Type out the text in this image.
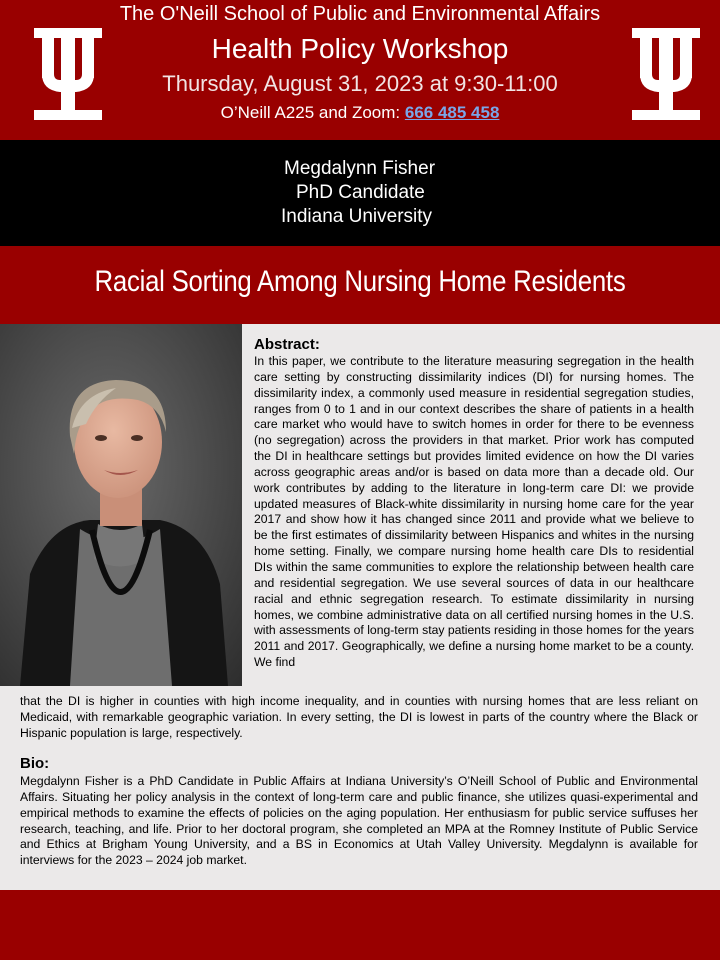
The O'Neill School of Public and Environmental Affairs
Health Policy Workshop
Thursday, August 31, 2023 at 9:30-11:00
O’Neill A225 and Zoom: 666 485 458
Megdalynn Fisher
PhD Candidate
Indiana University
Racial Sorting Among Nursing Home Residents
Abstract:
In this paper, we contribute to the literature measuring segregation in the health care setting by constructing dissimilarity indices (DI) for nursing homes. The dissimilarity index, a commonly used measure in residential segregation studies, ranges from 0 to 1 and in our context describes the share of patients in a health care market who would have to switch homes in order for there to be evenness (no segregation) across the providers in that market. Prior work has computed the DI in healthcare settings but provides limited evidence on how the DI varies across geographic areas and/or is based on data more than a decade old. Our work contributes by adding to the literature in long-term care DI: we provide updated measures of Black-white dissimilarity in nursing home care for the year 2017 and show how it has changed since 2011 and provide what we believe to be the first estimates of dissimilarity between Hispanics and whites in the nursing home setting. Finally, we compare nursing home health care DIs to residential DIs within the same communities to explore the relationship between health care and residential segregation. We use several sources of data in our healthcare racial and ethnic segregation research. To estimate dissimilarity in nursing homes, we combine administrative data on all certified nursing homes in the U.S. with assessments of long-term stay patients residing in those homes for the years 2011 and 2017. Geographically, we define a nursing home market to be a county. We find
that the DI is higher in counties with high income inequality, and in counties with nursing homes that are less reliant on Medicaid, with remarkable geographic variation. In every setting, the DI is lowest in parts of the country where the Black or Hispanic population is large, respectively.
Bio:
Megdalynn Fisher is a PhD Candidate in Public Affairs at Indiana University’s O’Neill School of Public and Environmental Affairs. Situating her policy analysis in the context of long-term care and public finance, she utilizes quasi-experimental and empirical methods to examine the effects of policies on the aging population. Her enthusiasm for public service suffuses her research, teaching, and life. Prior to her doctoral program, she completed an MPA at the Romney Institute of Public Service and Ethics at Brigham Young University, and a BS in Economics at Utah Valley University. Megdalynn is available for interviews for the 2023 – 2024 job market.
